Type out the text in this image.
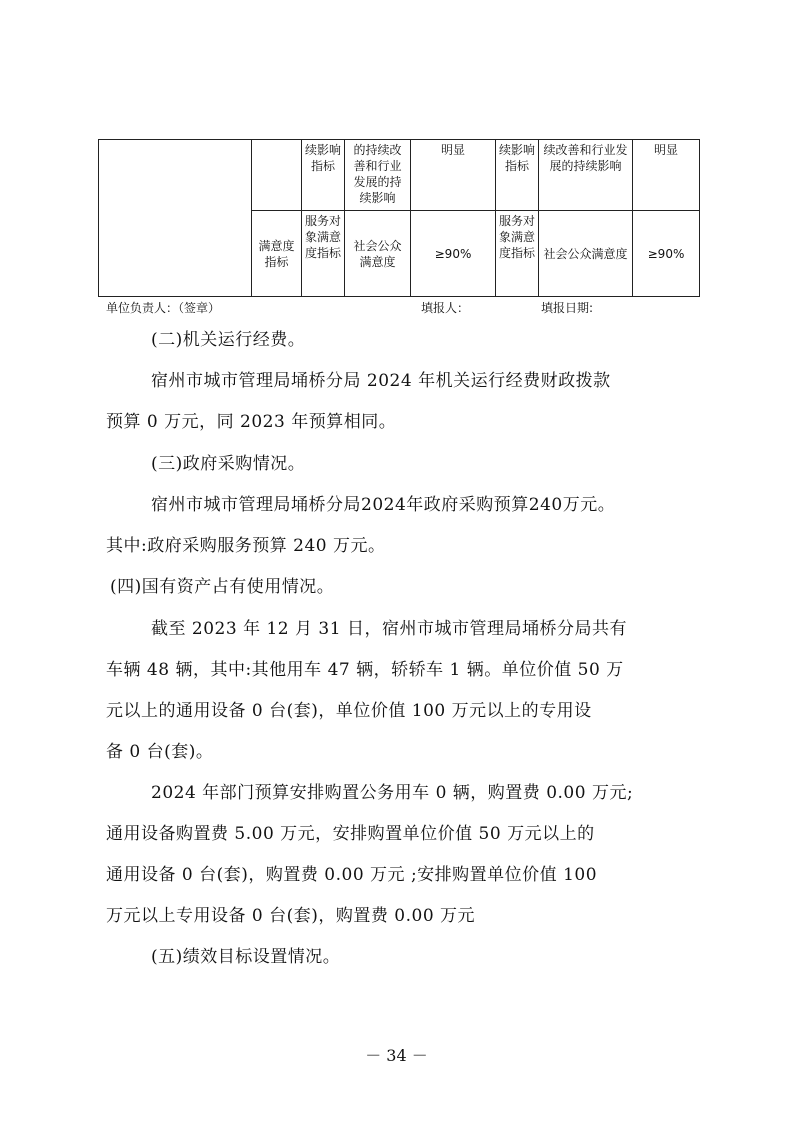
		续影响指标	的持续改善和行业发展的持续影响	明显	续影响指标	续改善和行业发展的持续影响	明显
	满意度指标	服务对象满意度指标	社会公众满意度	≥90%	服务对象满意度指标	社会公众满意度	≥90%
单位负责人：（签章）	填报人：	填报日期:
(二)机关运行经费。
宿州市城市管理局埇桥分局 2024 年机关运行经费财政拨款
预算 0 万元，同 2023 年预算相同。
(三)政府采购情况。
宿州市城市管理局埇桥分局2024年政府采购预算240万元。
其中:政府采购服务预算 240 万元。
(四)国有资产占有使用情况。
截至 2023 年 12 月 31 日，宿州市城市管理局埇桥分局共有
车辆 48 辆，其中:其他用车 47 辆，轿轿车 1 辆。单位价值 50 万
元以上的通用设备 0 台(套)，单位价值 100 万元以上的专用设
备 0 台(套)。
2024 年部门预算安排购置公务用车 0 辆，购置费 0.00 万元;
通用设备购置费 5.00 万元，安排购置单位价值 50 万元以上的
通用设备 0 台(套)，购置费 0.00 万元 ;安排购置单位价值 100
万元以上专用设备 0 台(套)，购置费 0.00 万元
(五)绩效目标设置情况。
－ 34 －
